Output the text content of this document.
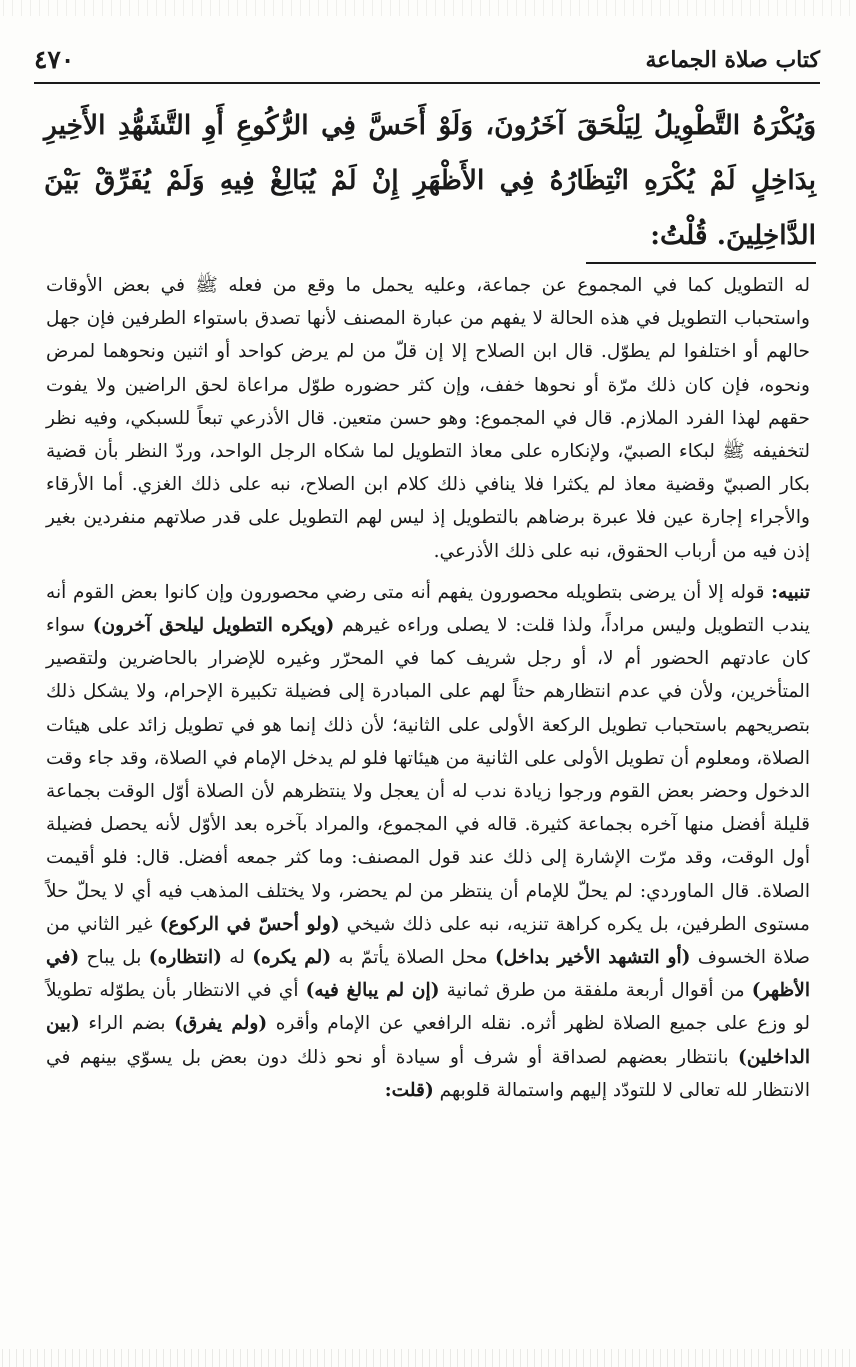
كتاب صلاة الجماعة
٤٧٠

وَيُكْرَهُ التَّطْوِيلُ لِيَلْحَقَ آخَرُونَ، وَلَوْ أَحَسَّ فِي الرُّكُوعِ أَوِ التَّشَهُّدِ الأَخِيرِ بِدَاخِلٍ لَمْ يُكْرَهِ انْتِظَارُهُ فِي الأَظْهَرِ إِنْ لَمْ يُبَالِغْ فِيهِ وَلَمْ يُفَرِّقْ بَيْنَ الدَّاخِلِينَ. قُلْتُ:

له التطويل كما في المجموع عن جماعة، وعليه يحمل ما وقع من فعله ﷺ في بعض الأوقات واستحباب التطويل في هذه الحالة لا يفهم من عبارة المصنف لأنها تصدق باستواء الطرفين فإن جهل حالهم أو اختلفوا لم يطوّل. قال ابن الصلاح إلا إن قلّ من لم يرض كواحد أو اثنين ونحوهما لمرض ونحوه، فإن كان ذلك مرّة أو نحوها خفف، وإن كثر حضوره طوّل مراعاة لحق الراضين ولا يفوت حقهم لهذا الفرد الملازم. قال في المجموع: وهو حسن متعين. قال الأذرعي تبعاً للسبكي، وفيه نظر لتخفيفه ﷺ لبكاء الصبيّ، ولإنكاره على معاذ التطويل لما شكاه الرجل الواحد، وردّ النظر بأن قضية بكار الصبيّ وقضية معاذ لم يكثرا فلا ينافي ذلك كلام ابن الصلاح، نبه على ذلك الغزي. أما الأرقاء والأجراء إجارة عين فلا عبرة برضاهم بالتطويل إذ ليس لهم التطويل على قدر صلاتهم منفردين بغير إذن فيه من أرباب الحقوق، نبه على ذلك الأذرعي.

تنبيه: قوله إلا أن يرضى بتطويله محصورون يفهم أنه متى رضي محصورون وإن كانوا بعض القوم أنه يندب التطويل وليس مراداً، ولذا قلت: لا يصلى وراءه غيرهم (ويكره التطويل ليلحق آخرون) سواء كان عادتهم الحضور أم لا، أو رجل شريف كما في المحرّر وغيره للإضرار بالحاضرين ولتقصير المتأخرين، ولأن في عدم انتظارهم حثاً لهم على المبادرة إلى فضيلة تكبيرة الإحرام، ولا يشكل ذلك بتصريحهم باستحباب تطويل الركعة الأولى على الثانية؛ لأن ذلك إنما هو في تطويل زائد على هيئات الصلاة، ومعلوم أن تطويل الأولى على الثانية من هيئاتها فلو لم يدخل الإمام في الصلاة، وقد جاء وقت الدخول وحضر بعض القوم ورجوا زيادة ندب له أن يعجل ولا ينتظرهم لأن الصلاة أوّل الوقت بجماعة قليلة أفضل منها آخره بجماعة كثيرة. قاله في المجموع، والمراد بآخره بعد الأوّل لأنه يحصل فضيلة أول الوقت، وقد مرّت الإشارة إلى ذلك عند قول المصنف: وما كثر جمعه أفضل. قال: فلو أقيمت الصلاة. قال الماوردي: لم يحلّ للإمام أن ينتظر من لم يحضر، ولا يختلف المذهب فيه أي لا يحلّ حلاً مستوى الطرفين، بل يكره كراهة تنزيه، نبه على ذلك شيخي (ولو أحسّ في الركوع) غير الثاني من صلاة الخسوف (أو التشهد الأخير بداخل) محل الصلاة يأتمّ به (لم يكره) له (انتظاره) بل يباح (في الأظهر) من أقوال أربعة ملفقة من طرق ثمانية (إن لم يبالغ فيه) أي في الانتظار بأن يطوّله تطويلاً لو وزع على جميع الصلاة لظهر أثره. نقله الرافعي عن الإمام وأقره (ولم يفرق) بضم الراء (بين الداخلين) بانتظار بعضهم لصداقة أو شرف أو سيادة أو نحو ذلك دون بعض بل يسوّي بينهم في الانتظار لله تعالى لا للتودّد إليهم واستمالة قلوبهم (قلت:
